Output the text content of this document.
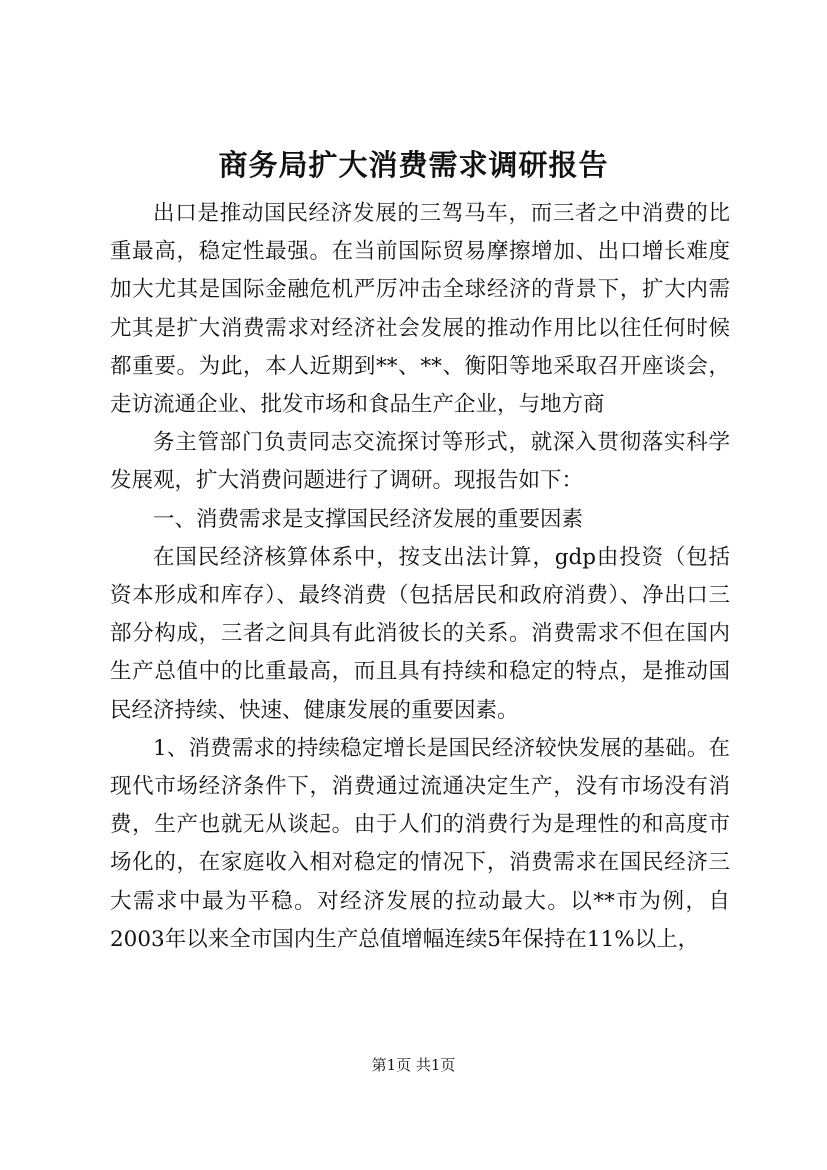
商务局扩大消费需求调研报告

出口是推动国民经济发展的三驾马车，而三者之中消费的比重最高，稳定性最强。在当前国际贸易摩擦增加、出口增长难度加大尤其是国际金融危机严厉冲击全球经济的背景下，扩大内需尤其是扩大消费需求对经济社会发展的推动作用比以往任何时候都重要。为此，本人近期到**、**、衡阳等地采取召开座谈会，走访流通企业、批发市场和食品生产企业，与地方商

务主管部门负责同志交流探讨等形式，就深入贯彻落实科学发展观，扩大消费问题进行了调研。现报告如下：

一、消费需求是支撑国民经济发展的重要因素

在国民经济核算体系中，按支出法计算，gdp由投资（包括资本形成和库存）、最终消费（包括居民和政府消费）、净出口三部分构成，三者之间具有此消彼长的关系。消费需求不但在国内生产总值中的比重最高，而且具有持续和稳定的特点，是推动国民经济持续、快速、健康发展的重要因素。

1、消费需求的持续稳定增长是国民经济较快发展的基础。在现代市场经济条件下，消费通过流通决定生产，没有市场没有消费，生产也就无从谈起。由于人们的消费行为是理性的和高度市场化的，在家庭收入相对稳定的情况下，消费需求在国民经济三大需求中最为平稳。对经济发展的拉动最大。以**市为例，自2003年以来全市国内生产总值增幅连续5年保持在11%以上，

第1页 共1页
